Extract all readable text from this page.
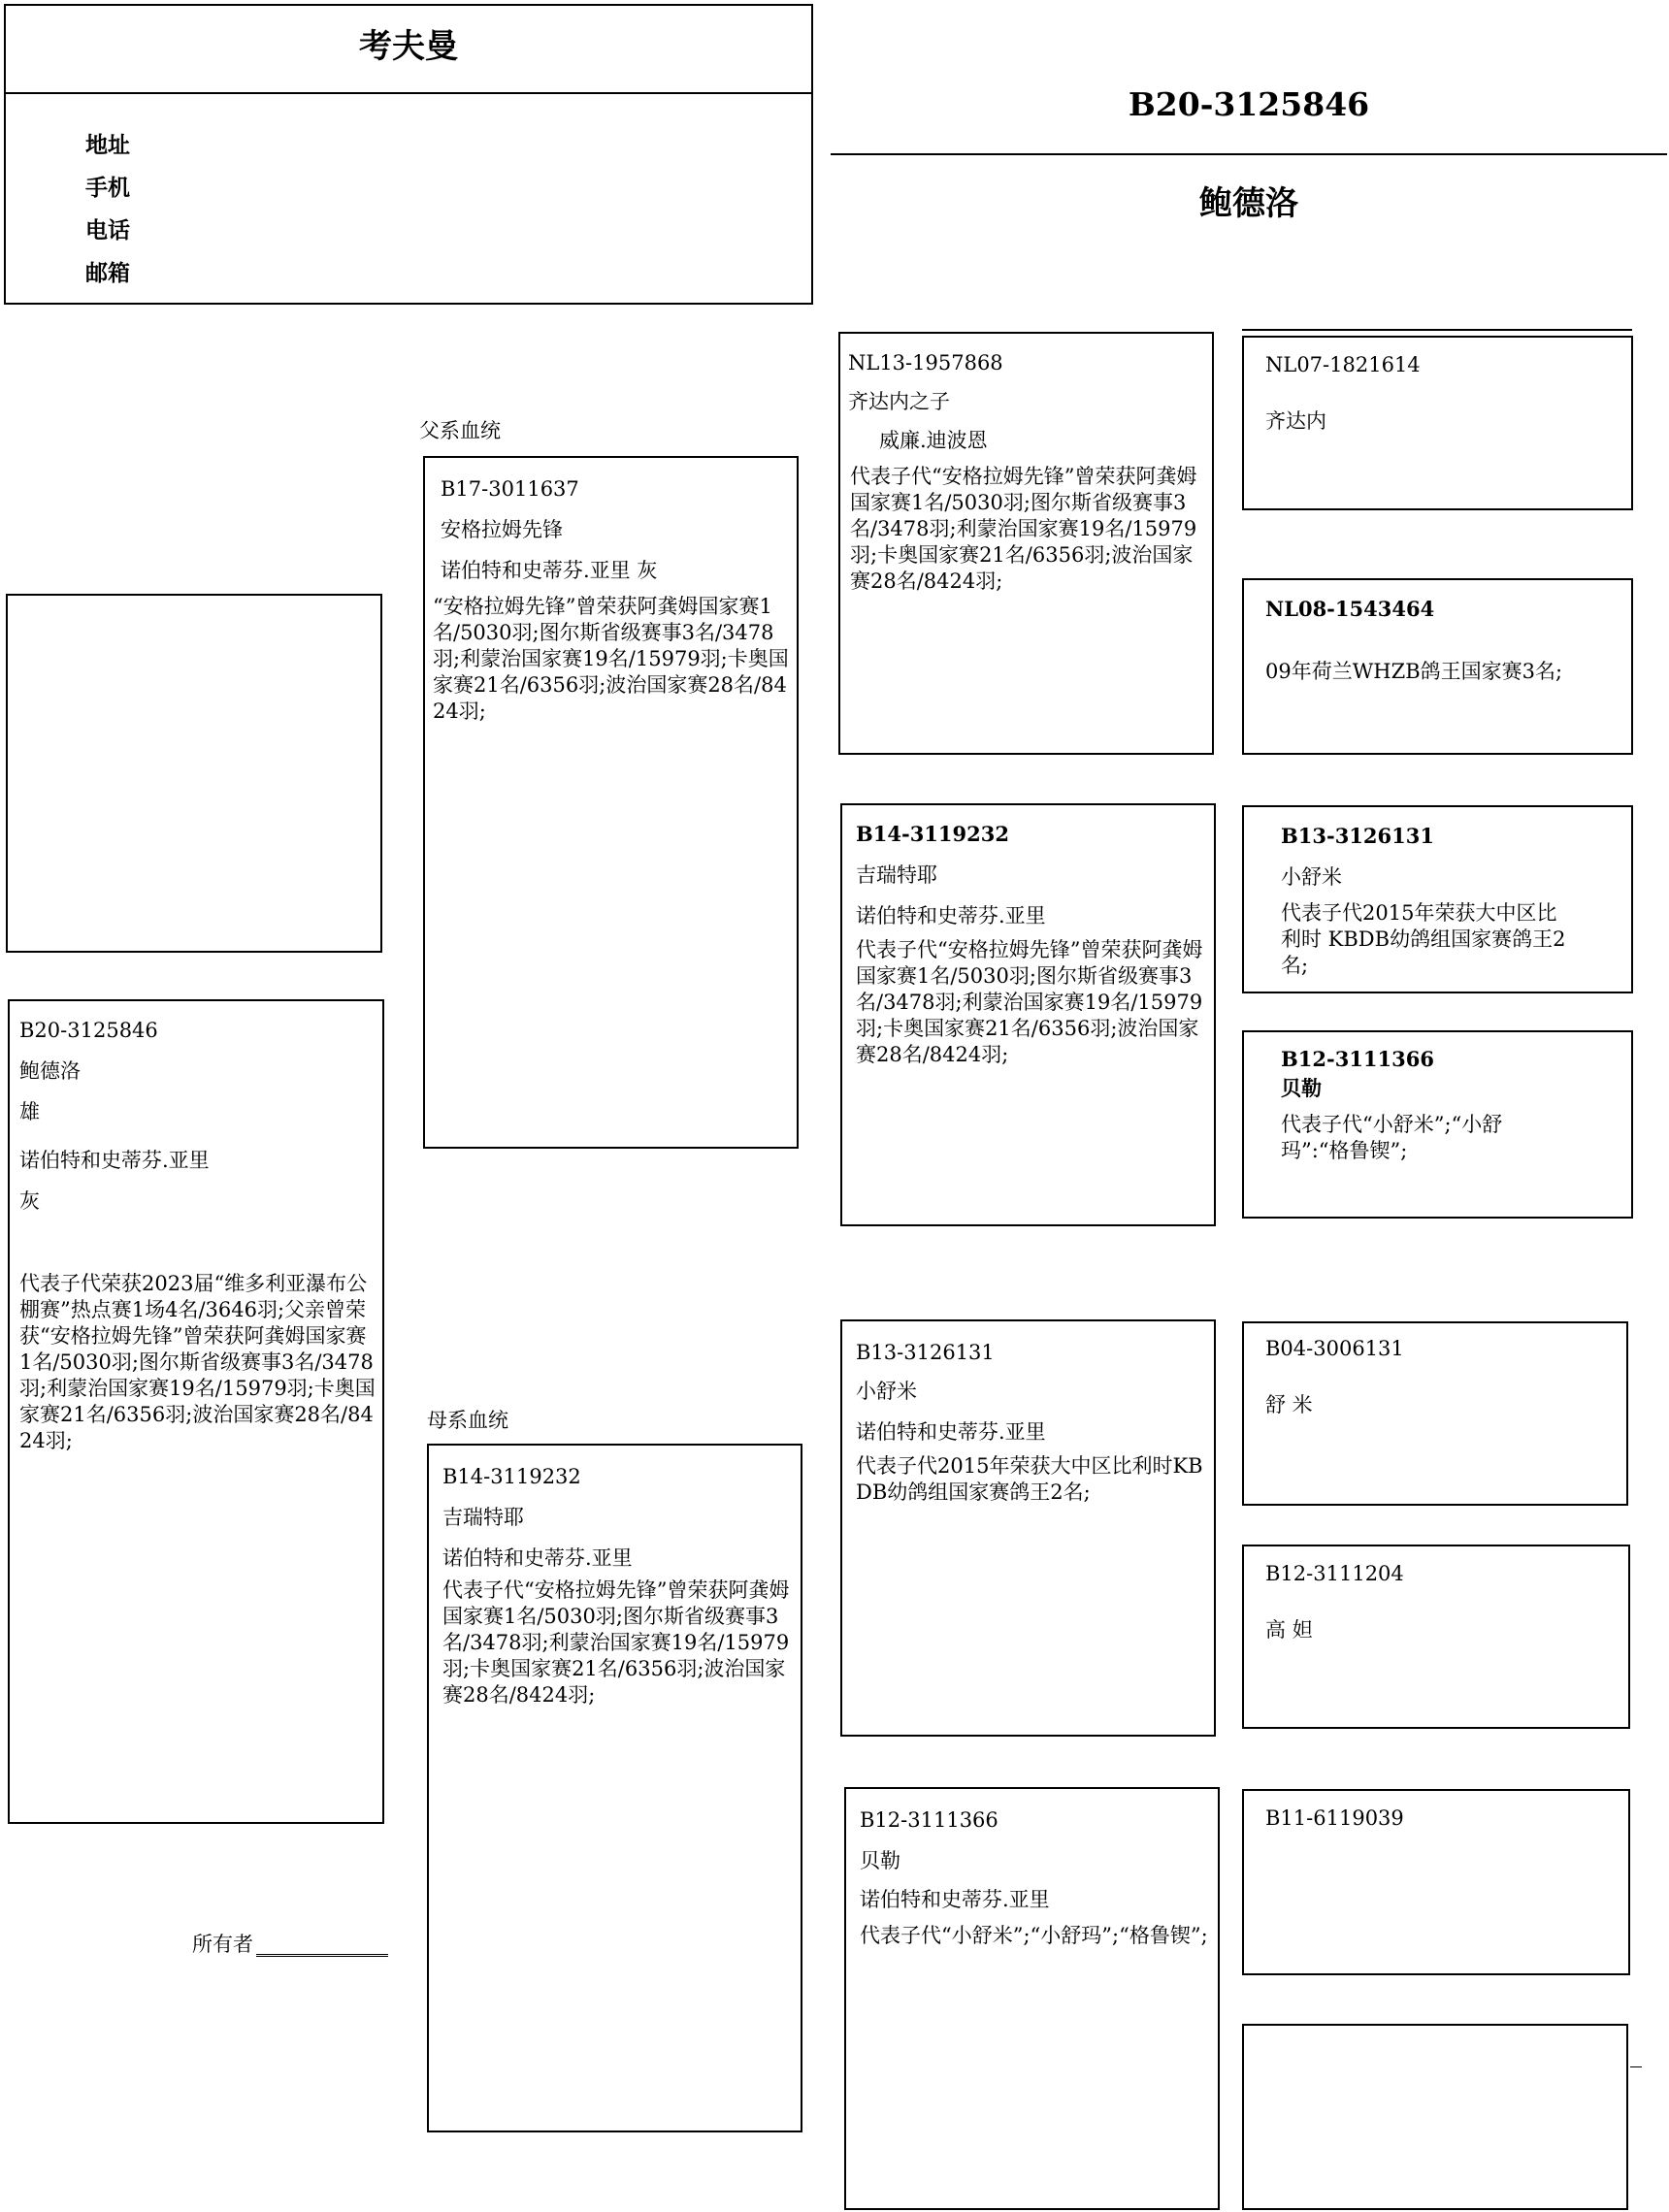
考夫曼
地址
手机
电话
邮箱
B20-3125846
鲍德洛
B20-3125846
鲍德洛
雄
诺伯特和史蒂芬.亚里
灰
代表子代荣获2023届“维多利亚瀑布公棚赛”热点赛1场4名/3646羽;父亲曾荣获“安格拉姆先锋”曾荣获阿龚姆国家赛1名/5030羽;图尔斯省级赛事3名/3478羽;利蒙治国家赛19名/15979羽;卡奥国家赛21名/6356羽;波治国家赛28名/8424羽;
父系血统
母系血统
B17-3011637
安格拉姆先锋
诺伯特和史蒂芬.亚里 灰
“安格拉姆先锋”曾荣获阿龚姆国家赛1名/5030羽;图尔斯省级赛事3名/3478羽;利蒙治国家赛19名/15979羽;卡奥国家赛21名/6356羽;波治国家赛28名/8424羽;
B14-3119232
吉瑞特耶
诺伯特和史蒂芬.亚里
代表子代“安格拉姆先锋”曾荣获阿龚姆国家赛1名/5030羽;图尔斯省级赛事3名/3478羽;利蒙治国家赛19名/15979羽;卡奥国家赛21名/6356羽;波治国家赛28名/8424羽;
NL13-1957868
齐达内之子
威廉.迪波恩
代表子代“安格拉姆先锋”曾荣获阿龚姆国家赛1名/5030羽;图尔斯省级赛事3名/3478羽;利蒙治国家赛19名/15979羽;卡奥国家赛21名/6356羽;波治国家赛28名/8424羽;
B14-3119232
吉瑞特耶
诺伯特和史蒂芬.亚里
代表子代“安格拉姆先锋”曾荣获阿龚姆国家赛1名/5030羽;图尔斯省级赛事3名/3478羽;利蒙治国家赛19名/15979羽;卡奥国家赛21名/6356羽;波治国家赛28名/8424羽;
B13-3126131
小舒米
诺伯特和史蒂芬.亚里
代表子代2015年荣获大中区比利时KBDB幼鸽组国家赛鸽王2名;
B12-3111366
贝勒
诺伯特和史蒂芬.亚里
代表子代“小舒米”;“小舒玛”;“格鲁锲”;
NL07-1821614
齐达内
NL08-1543464
09年荷兰WHZB鸽王国家赛3名;
B13-3126131
小舒米
代表子代2015年荣获大中区比利时 KBDB幼鸽组国家赛鸽王2名;
B12-3111366
贝勒
代表子代“小舒米”;“小舒玛”:“格鲁锲”;
B04-3006131
舒 米
B12-3111204
高 妲
B11-6119039
所有者
